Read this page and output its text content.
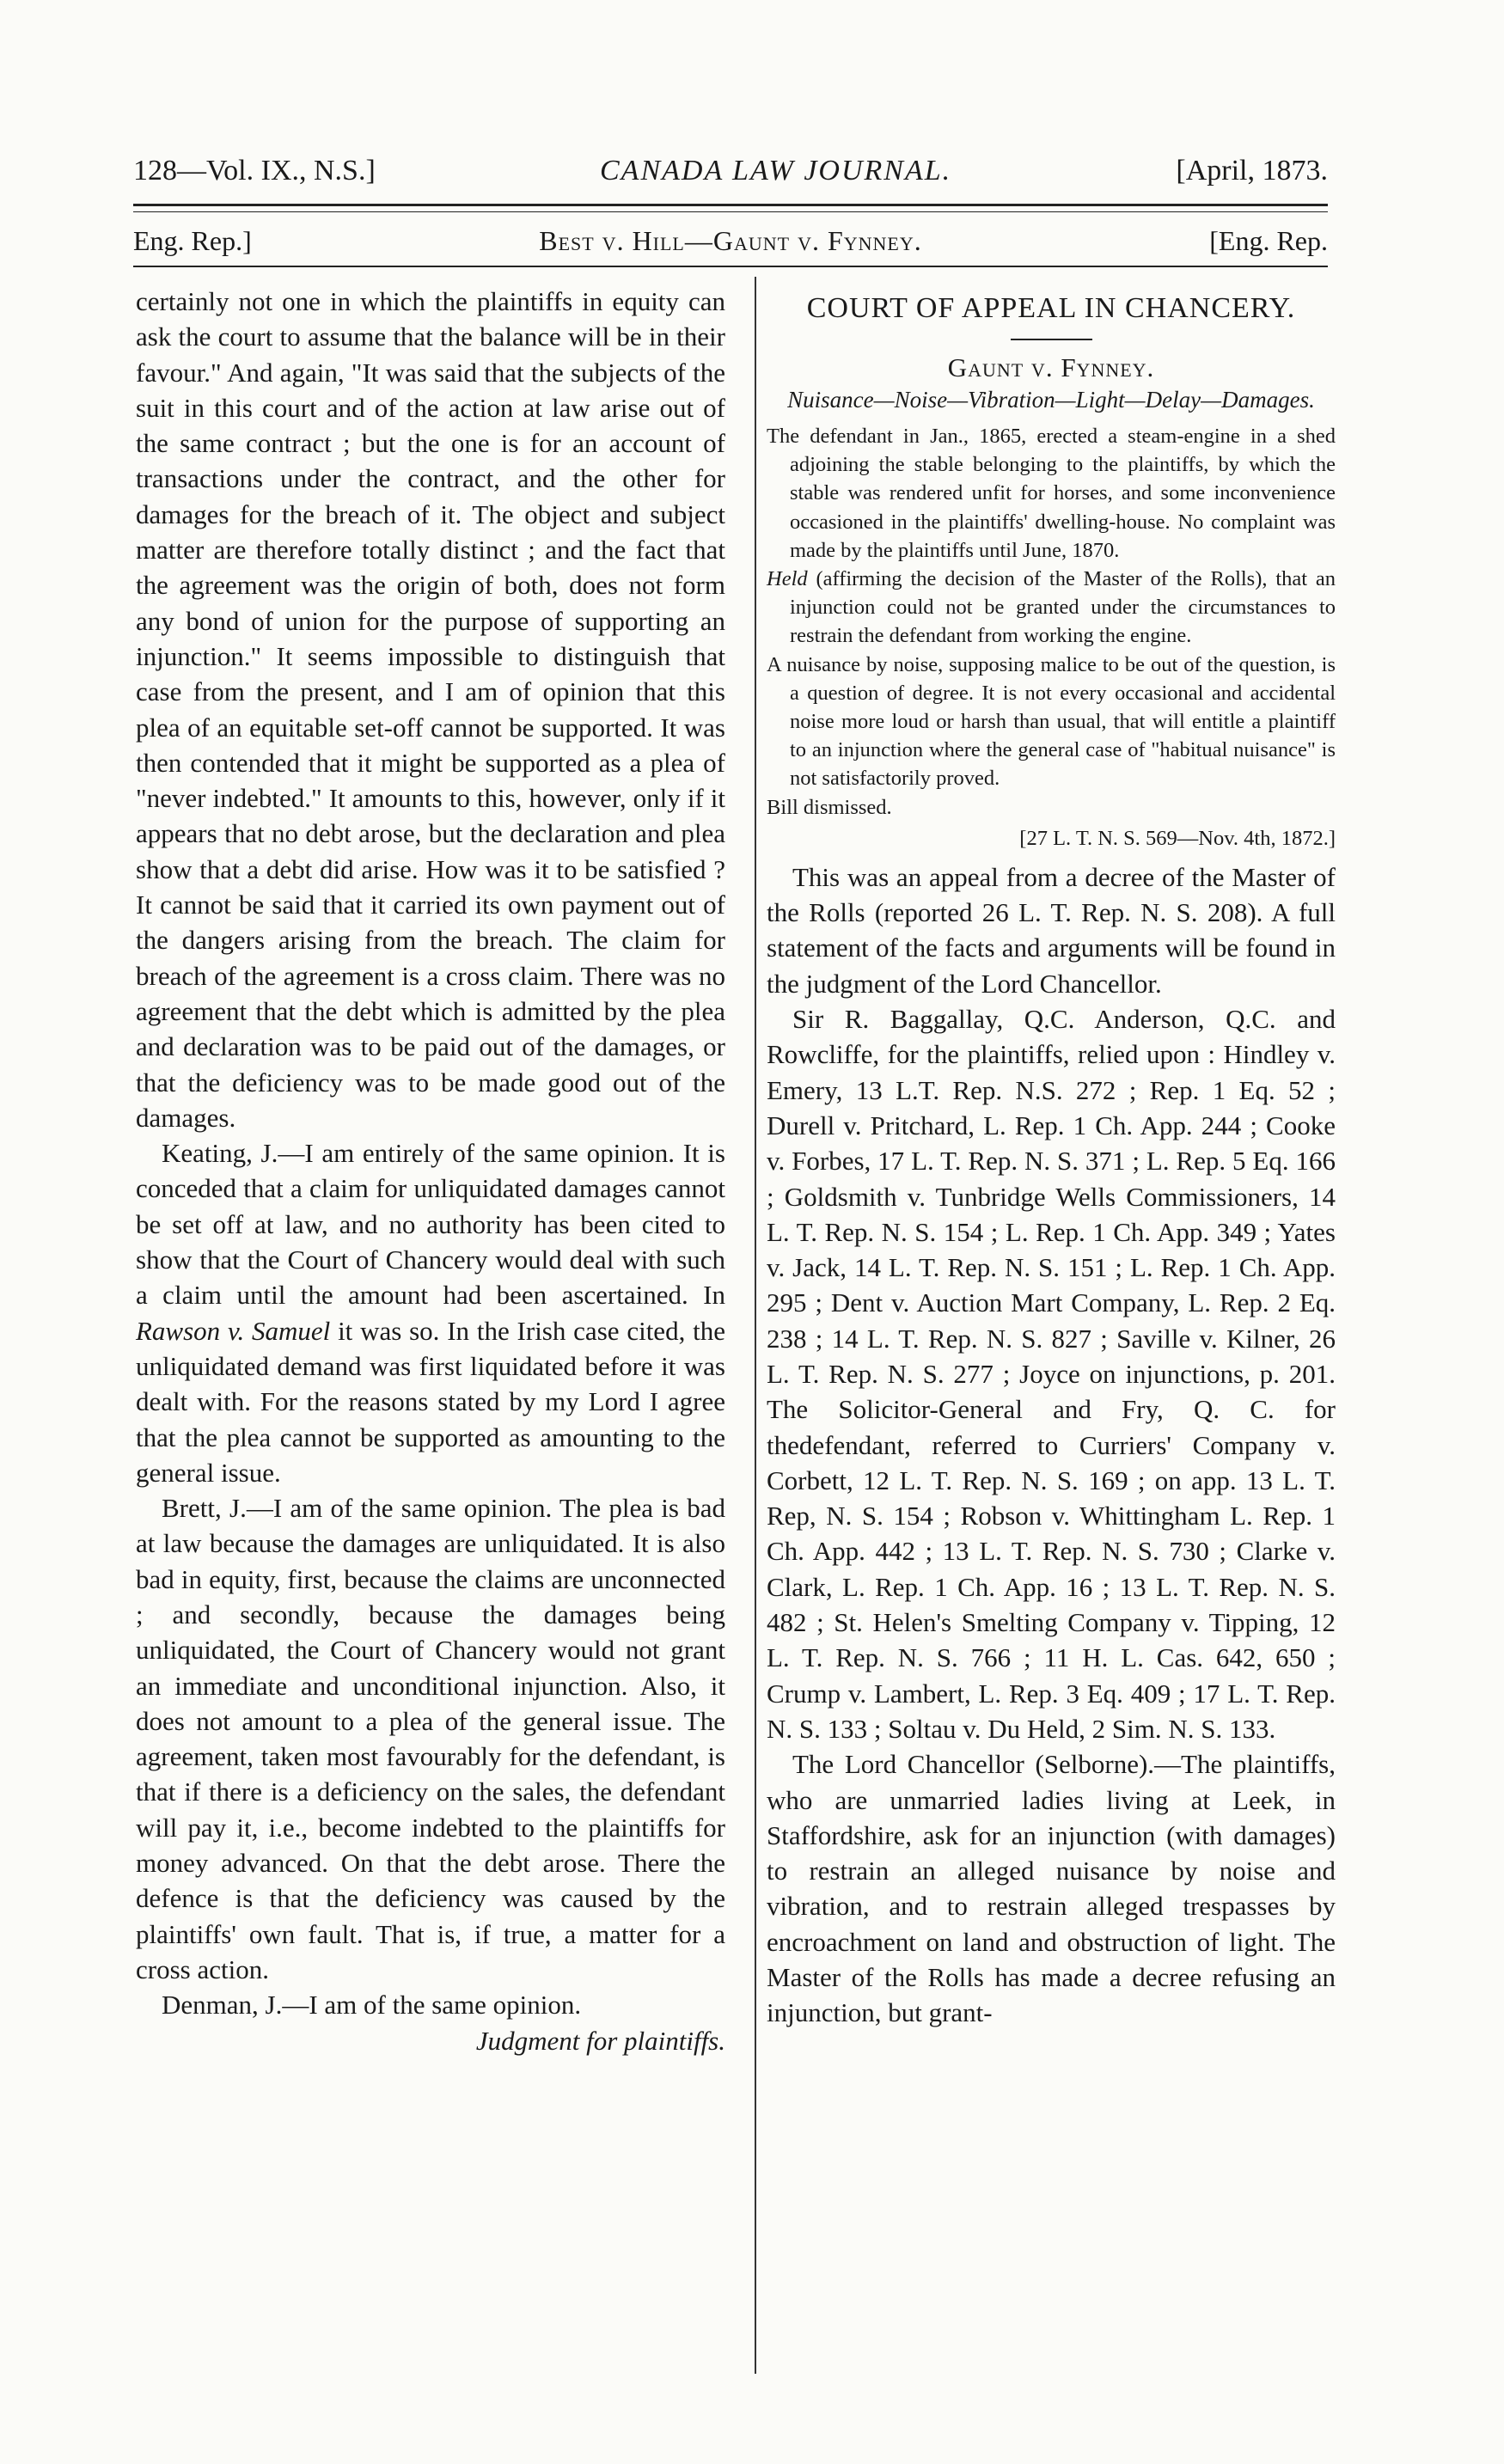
128—Vol. IX., N.S.]	CANADA LAW JOURNAL.	[April, 1873.
Eng. Rep.]	Best v. Hill—Gaunt v. Fynney.	[Eng. Rep.

certainly not one in which the plaintiffs in equity can ask the court to assume that the balance will be in their favour." And again, "It was said that the subjects of the suit in this court and of the action at law arise out of the same contract ; but the one is for an account of transactions under the contract, and the other for damages for the breach of it. The object and subject matter are therefore totally distinct ; and the fact that the agreement was the origin of both, does not form any bond of union for the purpose of supporting an injunction." It seems impossible to distinguish that case from the present, and I am of opinion that this plea of an equitable set-off cannot be supported. It was then contended that it might be supported as a plea of "never indebted." It amounts to this, however, only if it appears that no debt arose, but the declaration and plea show that a debt did arise. How was it to be satisfied ? It cannot be said that it carried its own payment out of the dangers arising from the breach. The claim for breach of the agreement is a cross claim. There was no agreement that the debt which is admitted by the plea and declaration was to be paid out of the damages, or that the deficiency was to be made good out of the damages.

Keating, J.—I am entirely of the same opinion. It is conceded that a claim for unliquidated damages cannot be set off at law, and no authority has been cited to show that the Court of Chancery would deal with such a claim until the amount had been ascertained. In Rawson v. Samuel it was so. In the Irish case cited, the unliquidated demand was first liquidated before it was dealt with. For the reasons stated by my Lord I agree that the plea cannot be supported as amounting to the general issue.

Brett, J.—I am of the same opinion. The plea is bad at law because the damages are unliquidated. It is also bad in equity, first, because the claims are unconnected ; and secondly, because the damages being unliquidated, the Court of Chancery would not grant an immediate and unconditional injunction. Also, it does not amount to a plea of the general issue. The agreement, taken most favourably for the defendant, is that if there is a deficiency on the sales, the defendant will pay it, i.e., become indebted to the plaintiffs for money advanced. On that the debt arose. There the defence is that the deficiency was caused by the plaintiffs' own fault. That is, if true, a matter for a cross action.

Denman, J.—I am of the same opinion.

Judgment for plaintiffs.

COURT OF APPEAL IN CHANCERY.

Gaunt v. Fynney.

Nuisance—Noise—Vibration—Light—Delay—Damages.

The defendant in Jan., 1865, erected a steam-engine in a shed adjoining the stable belonging to the plaintiffs, by which the stable was rendered unfit for horses, and some inconvenience occasioned in the plaintiffs' dwelling-house. No complaint was made by the plaintiffs until June, 1870.

Held (affirming the decision of the Master of the Rolls), that an injunction could not be granted under the circumstances to restrain the defendant from working the engine.

A nuisance by noise, supposing malice to be out of the question, is a question of degree. It is not every occasional and accidental noise more loud or harsh than usual, that will entitle a plaintiff to an injunction where the general case of "habitual nuisance" is not satisfactorily proved.

Bill dismissed.

[27 L. T. N. S. 569—Nov. 4th, 1872.]

This was an appeal from a decree of the Master of the Rolls (reported 26 L. T. Rep. N. S. 208). A full statement of the facts and arguments will be found in the judgment of the Lord Chancellor.

Sir R. Baggallay, Q.C. Anderson, Q.C. and Rowcliffe, for the plaintiffs, relied upon : Hindley v. Emery, 13 L.T. Rep. N.S. 272 ; Rep. 1 Eq. 52 ; Durell v. Pritchard, L. Rep. 1 Ch. App. 244 ; Cooke v. Forbes, 17 L. T. Rep. N. S. 371 ; L. Rep. 5 Eq. 166 ; Goldsmith v. Tunbridge Wells Commissioners, 14 L. T. Rep. N. S. 154 ; L. Rep. 1 Ch. App. 349 ; Yates v. Jack, 14 L. T. Rep. N. S. 151 ; L. Rep. 1 Ch. App. 295 ; Dent v. Auction Mart Company, L. Rep. 2 Eq. 238 ; 14 L. T. Rep. N. S. 827 ; Saville v. Kilner, 26 L. T. Rep. N. S. 277 ; Joyce on injunctions, p. 201. The Solicitor-General and Fry, Q. C. for thedefendant, referred to Curriers' Company v. Corbett, 12 L. T. Rep. N. S. 169 ; on app. 13 L. T. Rep, N. S. 154 ; Robson v. Whittingham L. Rep. 1 Ch. App. 442 ; 13 L. T. Rep. N. S. 730 ; Clarke v. Clark, L. Rep. 1 Ch. App. 16 ; 13 L. T. Rep. N. S. 482 ; St. Helen's Smelting Company v. Tipping, 12 L. T. Rep. N. S. 766 ; 11 H. L. Cas. 642, 650 ; Crump v. Lambert, L. Rep. 3 Eq. 409 ; 17 L. T. Rep. N. S. 133 ; Soltau v. Du Held, 2 Sim. N. S. 133.

The Lord Chancellor (Selborne).—The plaintiffs, who are unmarried ladies living at Leek, in Staffordshire, ask for an injunction (with damages) to restrain an alleged nuisance by noise and vibration, and to restrain alleged trespasses by encroachment on land and obstruction of light. The Master of the Rolls has made a decree refusing an injunction, but grant-
